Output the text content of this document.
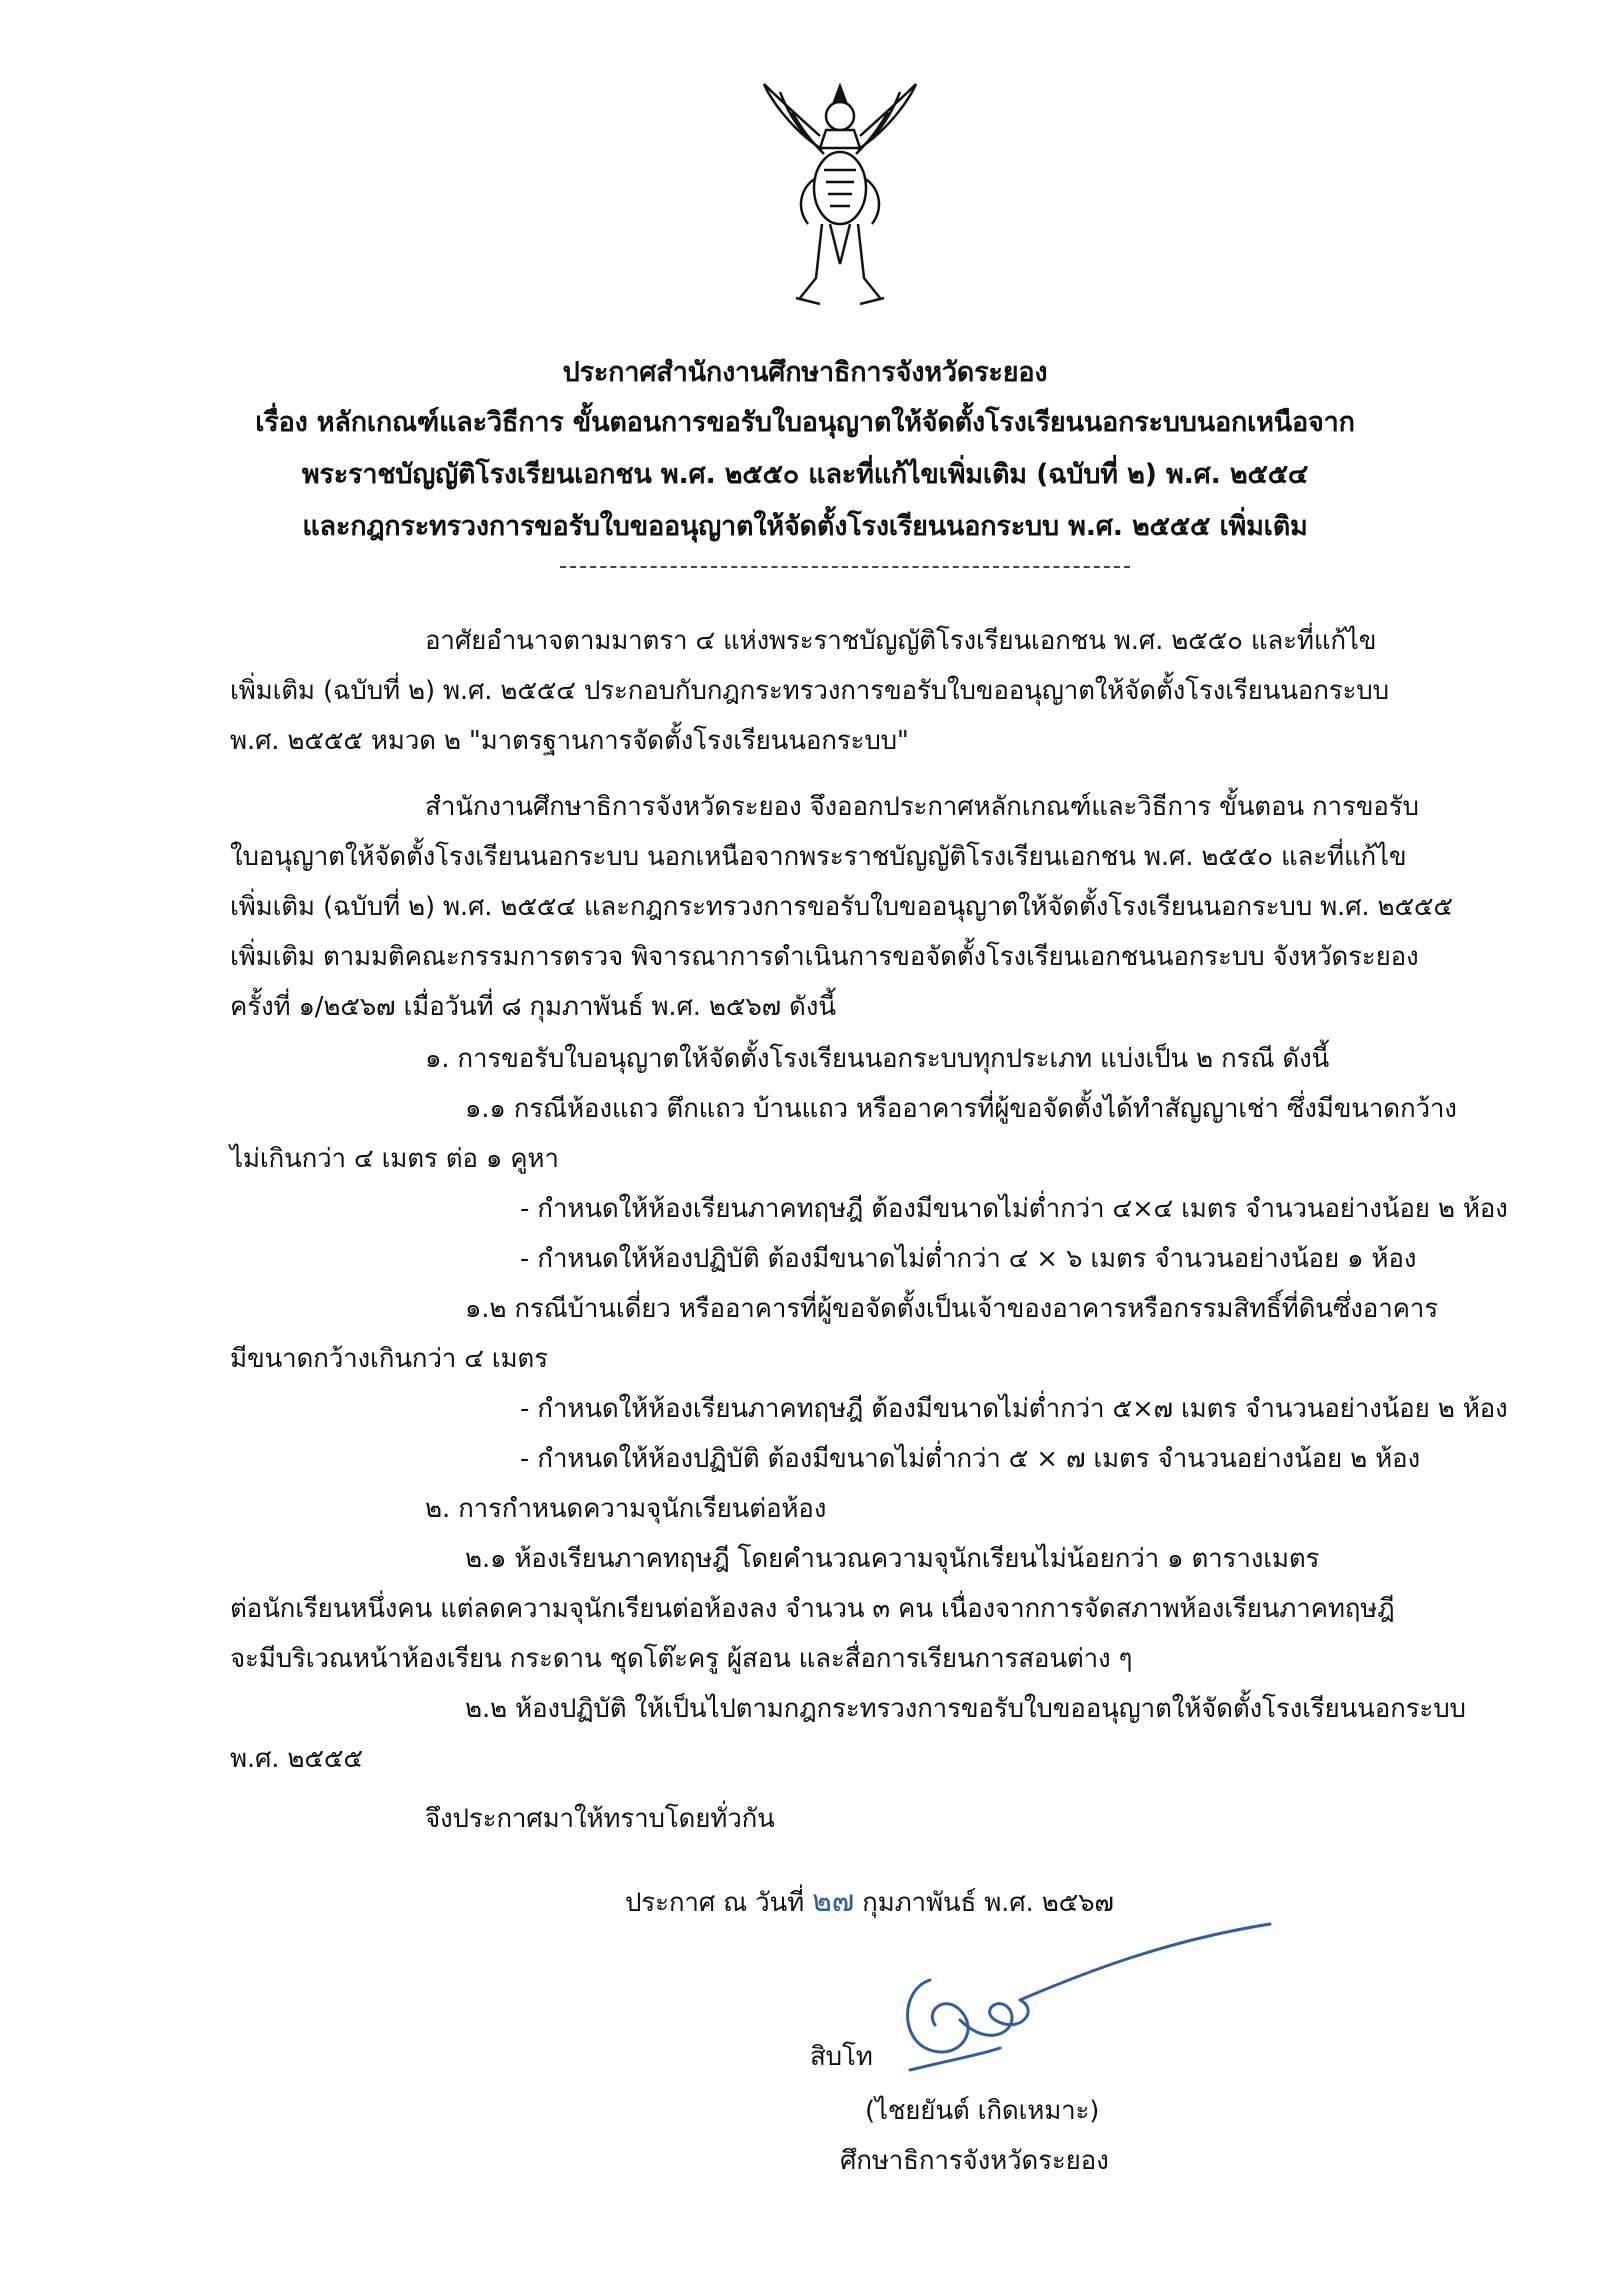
ประกาศสำนักงานศึกษาธิการจังหวัดระยอง
เรื่อง หลักเกณฑ์และวิธีการ ขั้นตอนการขอรับใบอนุญาตให้จัดตั้งโรงเรียนนอกระบบนอกเหนือจาก
พระราชบัญญัติโรงเรียนเอกชน พ.ศ. ๒๕๕๐ และที่แก้ไขเพิ่มเติม (ฉบับที่ ๒) พ.ศ. ๒๕๕๔
และกฎกระทรวงการขอรับใบขออนุญาตให้จัดตั้งโรงเรียนนอกระบบ พ.ศ. ๒๕๕๕ เพิ่มเติม
อาศัยอำนาจตามมาตรา ๔ แห่งพระราชบัญญัติโรงเรียนเอกชน พ.ศ. ๒๕๕๐ และที่แก้ไข
เพิ่มเติม (ฉบับที่ ๒) พ.ศ. ๒๕๕๔ ประกอบกับกฎกระทรวงการขอรับใบขออนุญาตให้จัดตั้งโรงเรียนนอกระบบ
พ.ศ. ๒๕๕๕ หมวด ๒ "มาตรฐานการจัดตั้งโรงเรียนนอกระบบ"
สำนักงานศึกษาธิการจังหวัดระยอง จึงออกประกาศหลักเกณฑ์และวิธีการ ขั้นตอน การขอรับ
ใบอนุญาตให้จัดตั้งโรงเรียนนอกระบบ นอกเหนือจากพระราชบัญญัติโรงเรียนเอกชน พ.ศ. ๒๕๕๐ และที่แก้ไข
เพิ่มเติม (ฉบับที่ ๒) พ.ศ. ๒๕๕๔ และกฎกระทรวงการขอรับใบขออนุญาตให้จัดตั้งโรงเรียนนอกระบบ พ.ศ. ๒๕๕๕
เพิ่มเติม ตามมติคณะกรรมการตรวจ พิจารณาการดำเนินการขอจัดตั้งโรงเรียนเอกชนนอกระบบ จังหวัดระยอง
ครั้งที่ ๑/๒๕๖๗ เมื่อวันที่ ๘ กุมภาพันธ์ พ.ศ. ๒๕๖๗ ดังนี้
๑. การขอรับใบอนุญาตให้จัดตั้งโรงเรียนนอกระบบทุกประเภท แบ่งเป็น ๒ กรณี ดังนี้
๑.๑ กรณีห้องแถว ตึกแถว บ้านแถว หรืออาคารที่ผู้ขอจัดตั้งได้ทำสัญญาเช่า ซึ่งมีขนาดกว้าง
ไม่เกินกว่า ๔ เมตร ต่อ ๑ คูหา
- กำหนดให้ห้องเรียนภาคทฤษฎี ต้องมีขนาดไม่ต่ำกว่า ๔×๔ เมตร จำนวนอย่างน้อย ๒ ห้อง
- กำหนดให้ห้องปฏิบัติ ต้องมีขนาดไม่ต่ำกว่า ๔ × ๖ เมตร จำนวนอย่างน้อย ๑ ห้อง
๑.๒ กรณีบ้านเดี่ยว หรืออาคารที่ผู้ขอจัดตั้งเป็นเจ้าของอาคารหรือกรรมสิทธิ์ที่ดินซึ่งอาคาร
มีขนาดกว้างเกินกว่า ๔ เมตร
- กำหนดให้ห้องเรียนภาคทฤษฎี ต้องมีขนาดไม่ต่ำกว่า ๕×๗ เมตร จำนวนอย่างน้อย ๒ ห้อง
- กำหนดให้ห้องปฏิบัติ ต้องมีขนาดไม่ต่ำกว่า ๕ × ๗ เมตร จำนวนอย่างน้อย ๒ ห้อง
๒. การกำหนดความจุนักเรียนต่อห้อง
๒.๑ ห้องเรียนภาคทฤษฎี โดยคำนวณความจุนักเรียนไม่น้อยกว่า ๑ ตารางเมตร
ต่อนักเรียนหนึ่งคน แต่ลดความจุนักเรียนต่อห้องลง จำนวน ๓ คน เนื่องจากการจัดสภาพห้องเรียนภาคทฤษฎี
จะมีบริเวณหน้าห้องเรียน กระดาน ชุดโต๊ะครู ผู้สอน และสื่อการเรียนการสอนต่าง ๆ
๒.๒ ห้องปฏิบัติ ให้เป็นไปตามกฎกระทรวงการขอรับใบขออนุญาตให้จัดตั้งโรงเรียนนอกระบบ
พ.ศ. ๒๕๕๕
จึงประกาศมาให้ทราบโดยทั่วกัน
ประกาศ ณ วันที่ ๒๗ กุมภาพันธ์ พ.ศ. ๒๕๖๗
สิบโท
(ไชยยันต์ เกิดเหมาะ)
ศึกษาธิการจังหวัดระยอง
